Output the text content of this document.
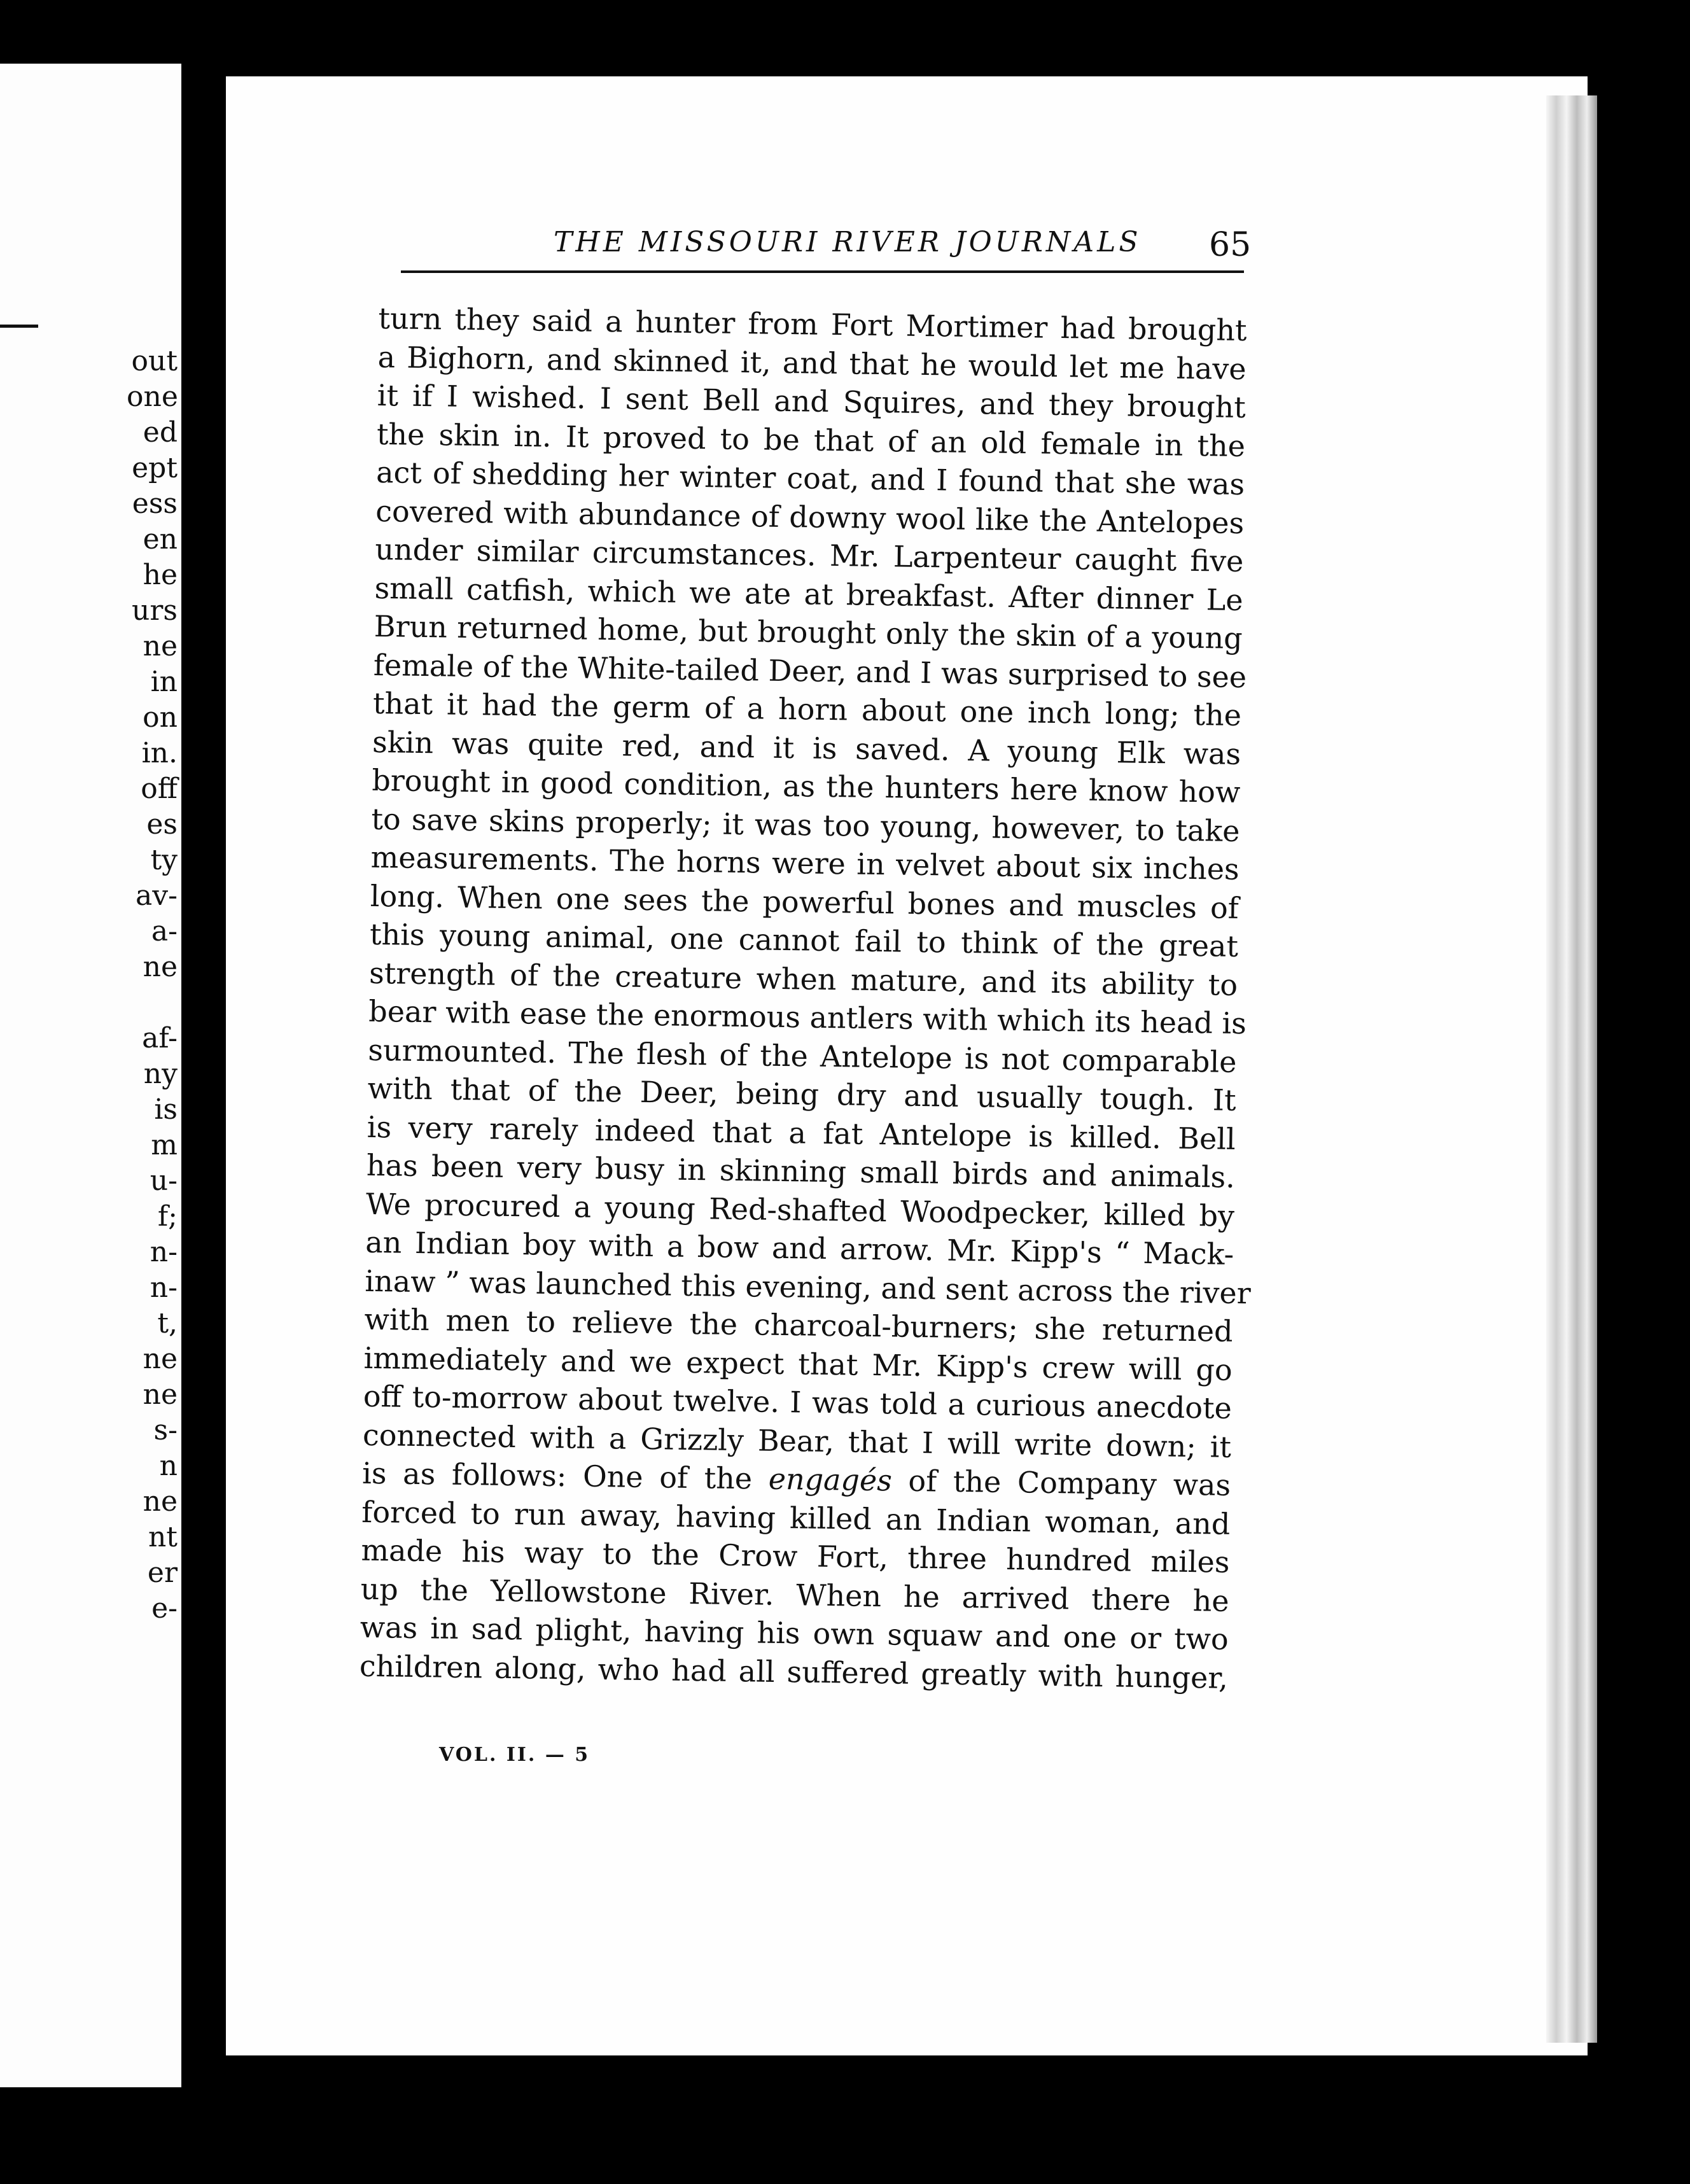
out
one
ed
ept
ess
en
he
urs
ne
in
on
in.
off
es
ty
av-
a-
ne
af-
ny
is
m
u-
f;
n-
n-
t,
ne
ne
s-
n
ne
nt
er
e-
THE MISSOURI RIVER JOURNALS 65
turn they said a hunter from Fort Mortimer had brought
a Bighorn, and skinned it, and that he would let me have
it if I wished. I sent Bell and Squires, and they brought
the skin in. It proved to be that of an old female in the
act of shedding her winter coat, and I found that she was
covered with abundance of downy wool like the Antelopes
under similar circumstances. Mr. Larpenteur caught five
small catfish, which we ate at breakfast. After dinner Le
Brun returned home, but brought only the skin of a young
female of the White-tailed Deer, and I was surprised to see
that it had the germ of a horn about one inch long; the
skin was quite red, and it is saved. A young Elk was
brought in good condition, as the hunters here know how
to save skins properly; it was too young, however, to take
measurements. The horns were in velvet about six inches
long. When one sees the powerful bones and muscles of
this young animal, one cannot fail to think of the great
strength of the creature when mature, and its ability to
bear with ease the enormous antlers with which its head is
surmounted. The flesh of the Antelope is not comparable
with that of the Deer, being dry and usually tough. It
is very rarely indeed that a fat Antelope is killed. Bell
has been very busy in skinning small birds and animals.
We procured a young Red-shafted Woodpecker, killed by
an Indian boy with a bow and arrow. Mr. Kipp's “ Mack-
inaw ” was launched this evening, and sent across the river
with men to relieve the charcoal-burners; she returned
immediately and we expect that Mr. Kipp's crew will go
off to-morrow about twelve. I was told a curious anecdote
connected with a Grizzly Bear, that I will write down; it
is as follows: One of the engagés of the Company was
forced to run away, having killed an Indian woman, and
made his way to the Crow Fort, three hundred miles
up the Yellowstone River. When he arrived there he
was in sad plight, having his own squaw and one or two
children along, who had all suffered greatly with hunger,
VOL. II. — 5
